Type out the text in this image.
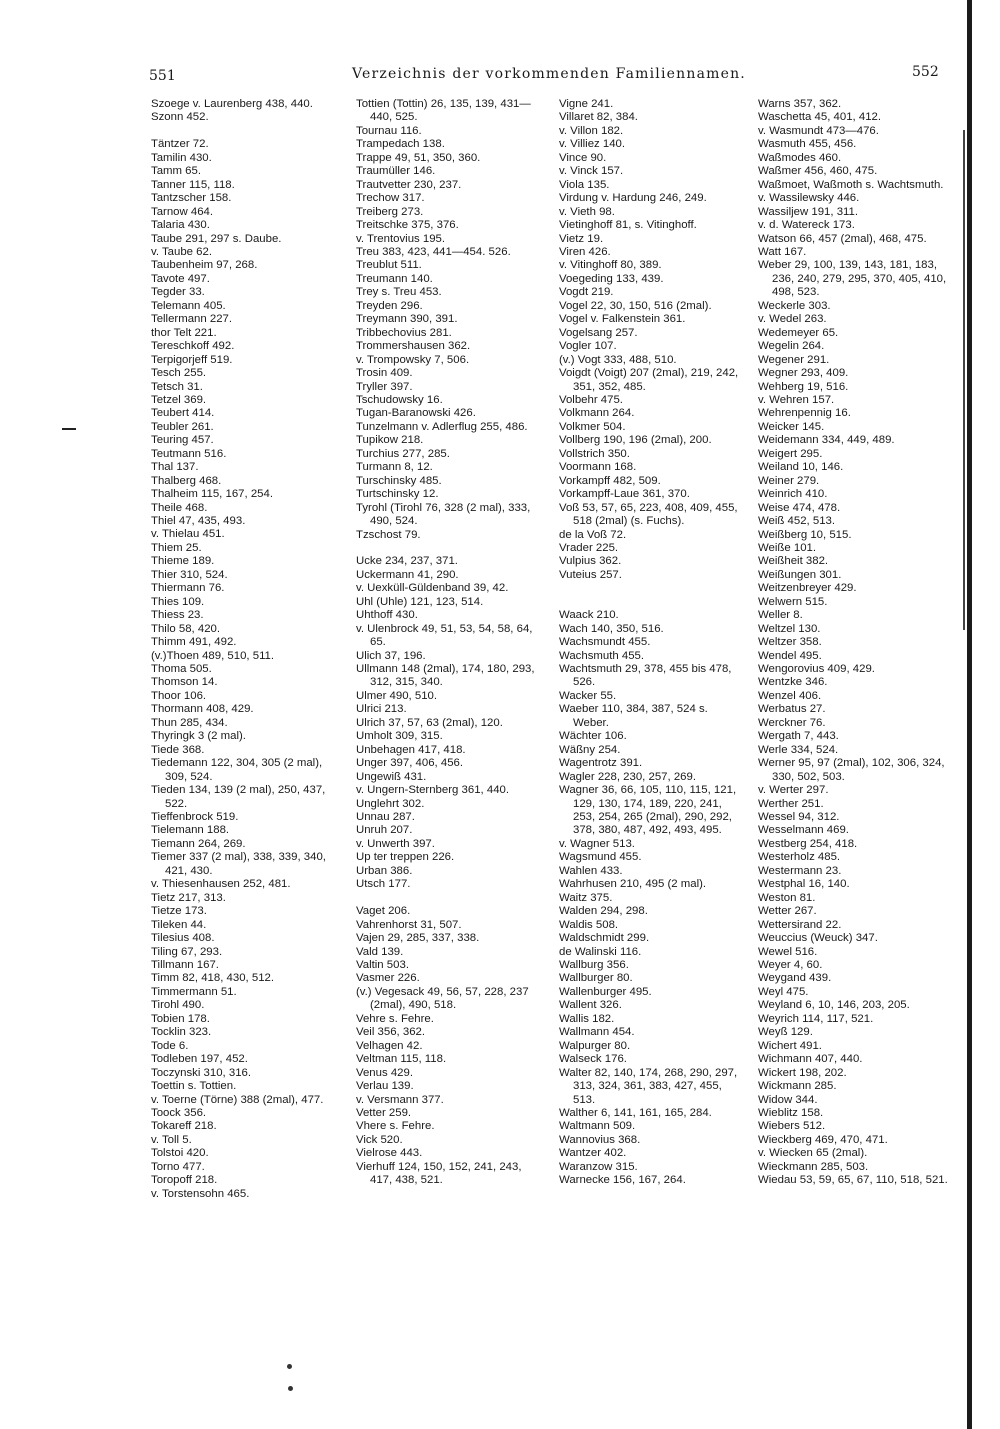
551	Verzeichnis der vorkommenden Familiennamen.	552
Szoege v. Laurenberg 438, 440.
Szonn 452.
Täntzer 72.
Tamilin 430.
Tamm 65.
Tanner 115, 118.
Tantzscher 158.
Tarnow 464.
Talaria 430.
Taube 291, 297 s. Daube.
v. Taube 62.
Taubenheim 97, 268.
Tavote 497.
Tegder 33.
Telemann 405.
Tellermann 227.
thor Telt 221.
Tereschkoff 492.
Terpigorjeff 519.
Tesch 255.
Tetsch 31.
Tetzel 369.
Teubert 414.
Teubler 261.
Teuring 457.
Teutmann 516.
Thal 137.
Thalberg 468.
Thalheim 115, 167, 254.
Theile 468.
Thiel 47, 435, 493.
v. Thielau 451.
Thiem 25.
Thieme 189.
Thier 310, 524.
Thiermann 76.
Thies 109.
Thiess 23.
Thilo 58, 420.
Thimm 491, 492.
(v.)Thoen 489, 510, 511.
Thoma 505.
Thomson 14.
Thoor 106.
Thormann 408, 429.
Thun 285, 434.
Thyringk 3 (2 mal).
Tiede 368.
Tiedemann 122, 304, 305 (2 mal), 309, 524.
Tieden 134, 139 (2 mal), 250, 437, 522.
Tieffenbrock 519.
Tielemann 188.
Tiemann 264, 269.
Tiemer 337 (2 mal), 338, 339, 340, 421, 430.
v. Thiesenhausen 252, 481.
Tietz 217, 313.
Tietze 173.
Tileken 44.
Tilesius 408.
Tiling 67, 293.
Tillmann 167.
Timm 82, 418, 430, 512.
Timmermann 51.
Tirohl 490.
Tobien 178.
Tocklin 323.
Tode 6.
Todleben 197, 452.
Toczynski 310, 316.
Toettin s. Tottien.
v. Toerne (Törne) 388 (2mal), 477.
Toock 356.
Tokareff 218.
v. Toll 5.
Tolstoi 420.
Torno 477.
Toropoff 218.
v. Torstensohn 465.
Tottien (Tottin) 26, 135, 139, 431—440, 525.
Tournau 116.
Trampedach 138.
Trappe 49, 51, 350, 360.
Traumüller 146.
Trautvetter 230, 237.
Trechow 317.
Treiberg 273.
Treitschke 375, 376.
v. Trentovius 195.
Treu 383, 423, 441—454. 526.
Treublut 511.
Treumann 140.
Trey s. Treu 453.
Treyden 296.
Treymann 390, 391.
Tribbechovius 281.
Trommershausen 362.
v. Trompowsky 7, 506.
Trosin 409.
Tryller 397.
Tschudowsky 16.
Tugan-Baranowski 426.
Tunzelmann v. Adlerflug 255, 486.
Tupikow 218.
Turchius 277, 285.
Turmann 8, 12.
Turschinsky 485.
Turtschinsky 12.
Tyrohl (Tirohl 76, 328 (2 mal), 333, 490, 524.
Tzschost 79.
Ucke 234, 237, 371.
Uckermann 41, 290.
v. Uexküll-Güldenband 39, 42.
Uhl (Uhle) 121, 123, 514.
Uhthoff 430.
v. Ulenbrock 49, 51, 53, 54, 58, 64, 65.
Ulich 37, 196.
Ullmann 148 (2mal), 174, 180, 293, 312, 315, 340.
Ulmer 490, 510.
Ulrici 213.
Ulrich 37, 57, 63 (2mal), 120.
Umholt 309, 315.
Unbehagen 417, 418.
Unger 397, 406, 456.
Ungewiß 431.
v. Ungern-Sternberg 361, 440.
Unglehrt 302.
Unnau 287.
Unruh 207.
v. Unwerth 397.
Up ter treppen 226.
Urban 386.
Utsch 177.
Vaget 206.
Vahrenhorst 31, 507.
Vajen 29, 285, 337, 338.
Vald 139.
Valtin 503.
Vasmer 226.
(v.) Vegesack 49, 56, 57, 228, 237 (2mal), 490, 518.
Vehre s. Fehre.
Veil 356, 362.
Velhagen 42.
Veltman 115, 118.
Venus 429.
Verlau 139.
v. Versmann 377.
Vetter 259.
Vhere s. Fehre.
Vick 520.
Vielrose 443.
Vierhuff 124, 150, 152, 241, 243, 417, 438, 521.
Vigne 241.
Villaret 82, 384.
v. Villon 182.
v. Villiez 140.
Vince 90.
v. Vinck 157.
Viola 135.
Virdung v. Hardung 246, 249.
v. Vieth 98.
Vietinghoff 81, s. Vitinghoff.
Vietz 19.
Viren 426.
v. Vitinghoff 80, 389.
Voegeding 133, 439.
Vogdt 219.
Vogel 22, 30, 150, 516 (2mal).
Vogel v. Falkenstein 361.
Vogelsang 257.
Vogler 107.
(v.) Vogt 333, 488, 510.
Voigdt (Voigt) 207 (2mal), 219, 242, 351, 352, 485.
Volbehr 475.
Volkmann 264.
Volkmer 504.
Vollberg 190, 196 (2mal), 200.
Vollstrich 350.
Voormann 168.
Vorkampff 482, 509.
Vorkampff-Laue 361, 370.
Voß 53, 57, 65, 223, 408, 409, 455, 518 (2mal) (s. Fuchs).
de la Voß 72.
Vrader 225.
Vulpius 362.
Vuteius 257.
Waack 210.
Wach 140, 350, 516.
Wachsmundt 455.
Wachsmuth 455.
Wachtsmuth 29, 378, 455 bis 478, 526.
Wacker 55.
Waeber 110, 384, 387, 524 s. Weber.
Wächter 106.
Wäßny 254.
Wagentrotz 391.
Wagler 228, 230, 257, 269.
Wagner 36, 66, 105, 110, 115, 121, 129, 130, 174, 189, 220, 241, 253, 254, 265 (2mal), 290, 292, 378, 380, 487, 492, 493, 495.
v. Wagner 513.
Wagsmund 455.
Wahlen 433.
Wahrhusen 210, 495 (2 mal).
Waitz 375.
Walden 294, 298.
Waldis 508.
Waldschmidt 299.
de Walinski 116.
Wallburg 356.
Wallburger 80.
Wallenburger 495.
Wallent 326.
Wallis 182.
Wallmann 454.
Walpurger 80.
Walseck 176.
Walter 82, 140, 174, 268, 290, 297, 313, 324, 361, 383, 427, 455, 513.
Walther 6, 141, 161, 165, 284.
Waltmann 509.
Wannovius 368.
Wantzer 402.
Waranzow 315.
Warnecke 156, 167, 264.
Warns 357, 362.
Waschetta 45, 401, 412.
v. Wasmundt 473—476.
Wasmuth 455, 456.
Waßmodes 460.
Waßmer 456, 460, 475.
Waßmoet, Waßmoth s. Wachtsmuth.
v. Wassilewsky 446.
Wassiljew 191, 311.
v. d. Watereck 173.
Watson 66, 457 (2mal), 468, 475.
Watt 167.
Weber 29, 100, 139, 143, 181, 183, 236, 240, 279, 295, 370, 405, 410, 498, 523.
Weckerle 303.
v. Wedel 263.
Wedemeyer 65.
Wegelin 264.
Wegener 291.
Wegner 293, 409.
Wehberg 19, 516.
v. Wehren 157.
Wehrenpennig 16.
Weicker 145.
Weidemann 334, 449, 489.
Weigert 295.
Weiland 10, 146.
Weiner 279.
Weinrich 410.
Weise 474, 478.
Weiß 452, 513.
Weißberg 10, 515.
Weiße 101.
Weißheit 382.
Weißungen 301.
Weitzenbreyer 429.
Welwern 515.
Weller 8.
Weltzel 130.
Weltzer 358.
Wendel 495.
Wengorovius 409, 429.
Wentzke 346.
Wenzel 406.
Werbatus 27.
Werckner 76.
Wergath 7, 443.
Werle 334, 524.
Werner 95, 97 (2mal), 102, 306, 324, 330, 502, 503.
v. Werter 297.
Werther 251.
Wessel 94, 312.
Wesselmann 469.
Westberg 254, 418.
Westerholz 485.
Westermann 23.
Westphal 16, 140.
Weston 81.
Wetter 267.
Wettersirand 22.
Weuccius (Weuck) 347.
Wewel 516.
Weyer 4, 60.
Weygand 439.
Weyl 475.
Weyland 6, 10, 146, 203, 205.
Weyrich 114, 117, 521.
Weyß 129.
Wichert 491.
Wichmann 407, 440.
Wickert 198, 202.
Wickmann 285.
Widow 344.
Wieblitz 158.
Wiebers 512.
Wieckberg 469, 470, 471.
v. Wiecken 65 (2mal).
Wieckmann 285, 503.
Wiedau 53, 59, 65, 67, 110, 518, 521.
